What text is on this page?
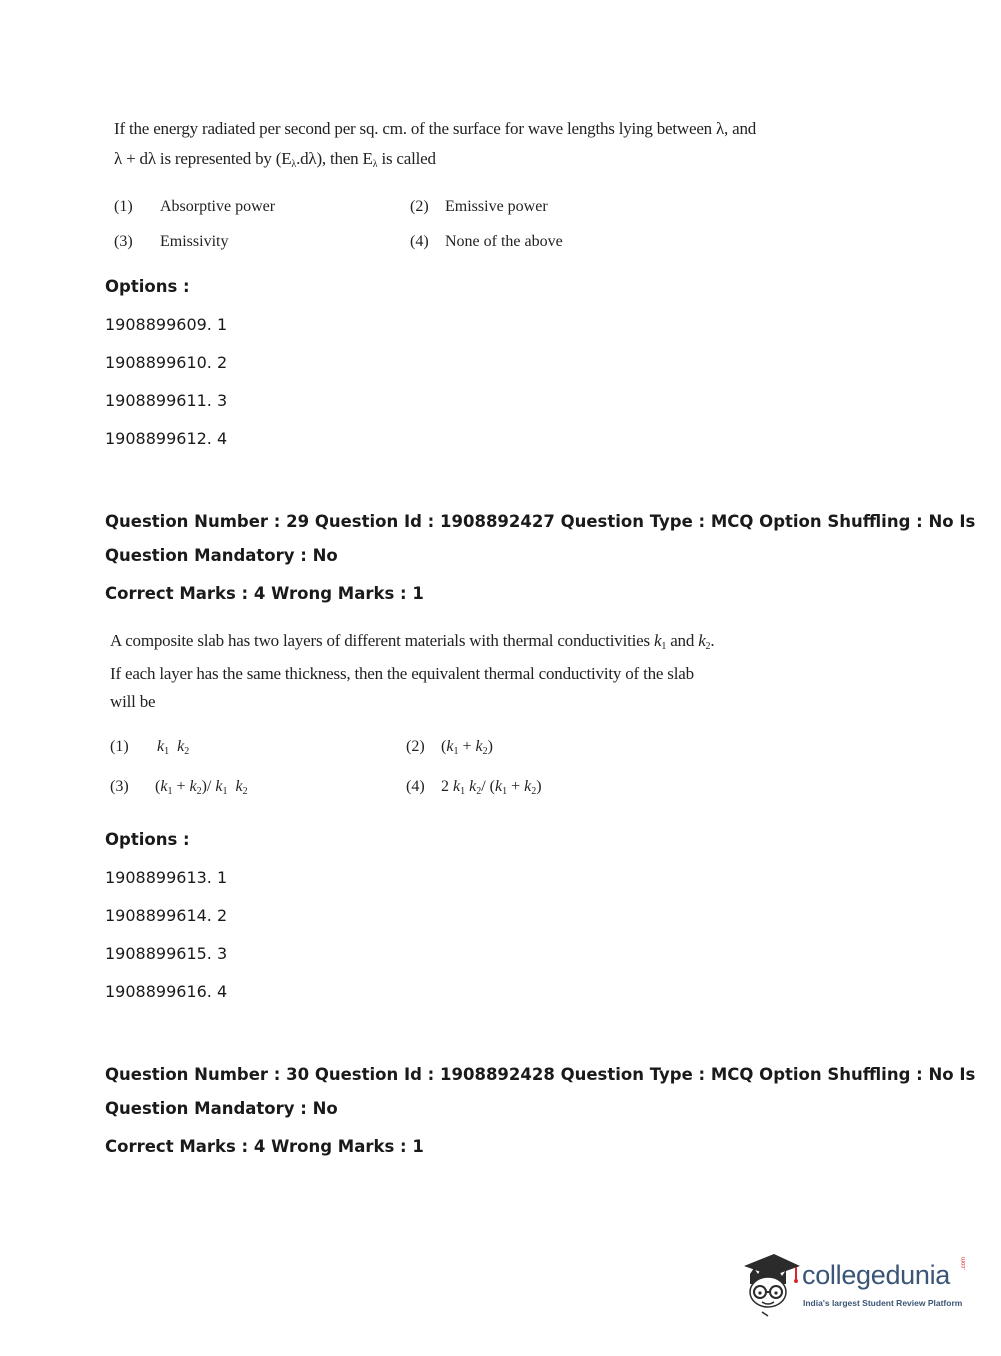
If the energy radiated per second per sq. cm. of the surface for wave lengths lying between λ, and
λ + dλ is represented by $(E_\lambda.d\lambda)$, then $E_\lambda$ is called
(1) Absorptive power	(2) Emissive power
(3) Emissivity	(4) None of the above
Options :
1908899609. 1
1908899610. 2
1908899611. 3
1908899612. 4
Question Number : 29 Question Id : 1908892427 Question Type : MCQ Option Shuffling : No Is
Question Mandatory : No
Correct Marks : 4 Wrong Marks : 1
A composite slab has two layers of different materials with thermal conductivities $k_1$ and $k_2$.
If each layer has the same thickness, then the equivalent thermal conductivity of the slab
will be
(1) $k_1$ $k_2$	(2) $(k_1 + k_2)$
(3) $(k_1 + k_2)/$ $k_1$ $k_2$	(4) 2 $k_1$ $k_2/$ $(k_1 + k_2)$
Options :
1908899613. 1
1908899614. 2
1908899615. 3
1908899616. 4
Question Number : 30 Question Id : 1908892428 Question Type : MCQ Option Shuffling : No Is
Question Mandatory : No
Correct Marks : 4 Wrong Marks : 1
collegedunia .com
India's largest Student Review Platform
